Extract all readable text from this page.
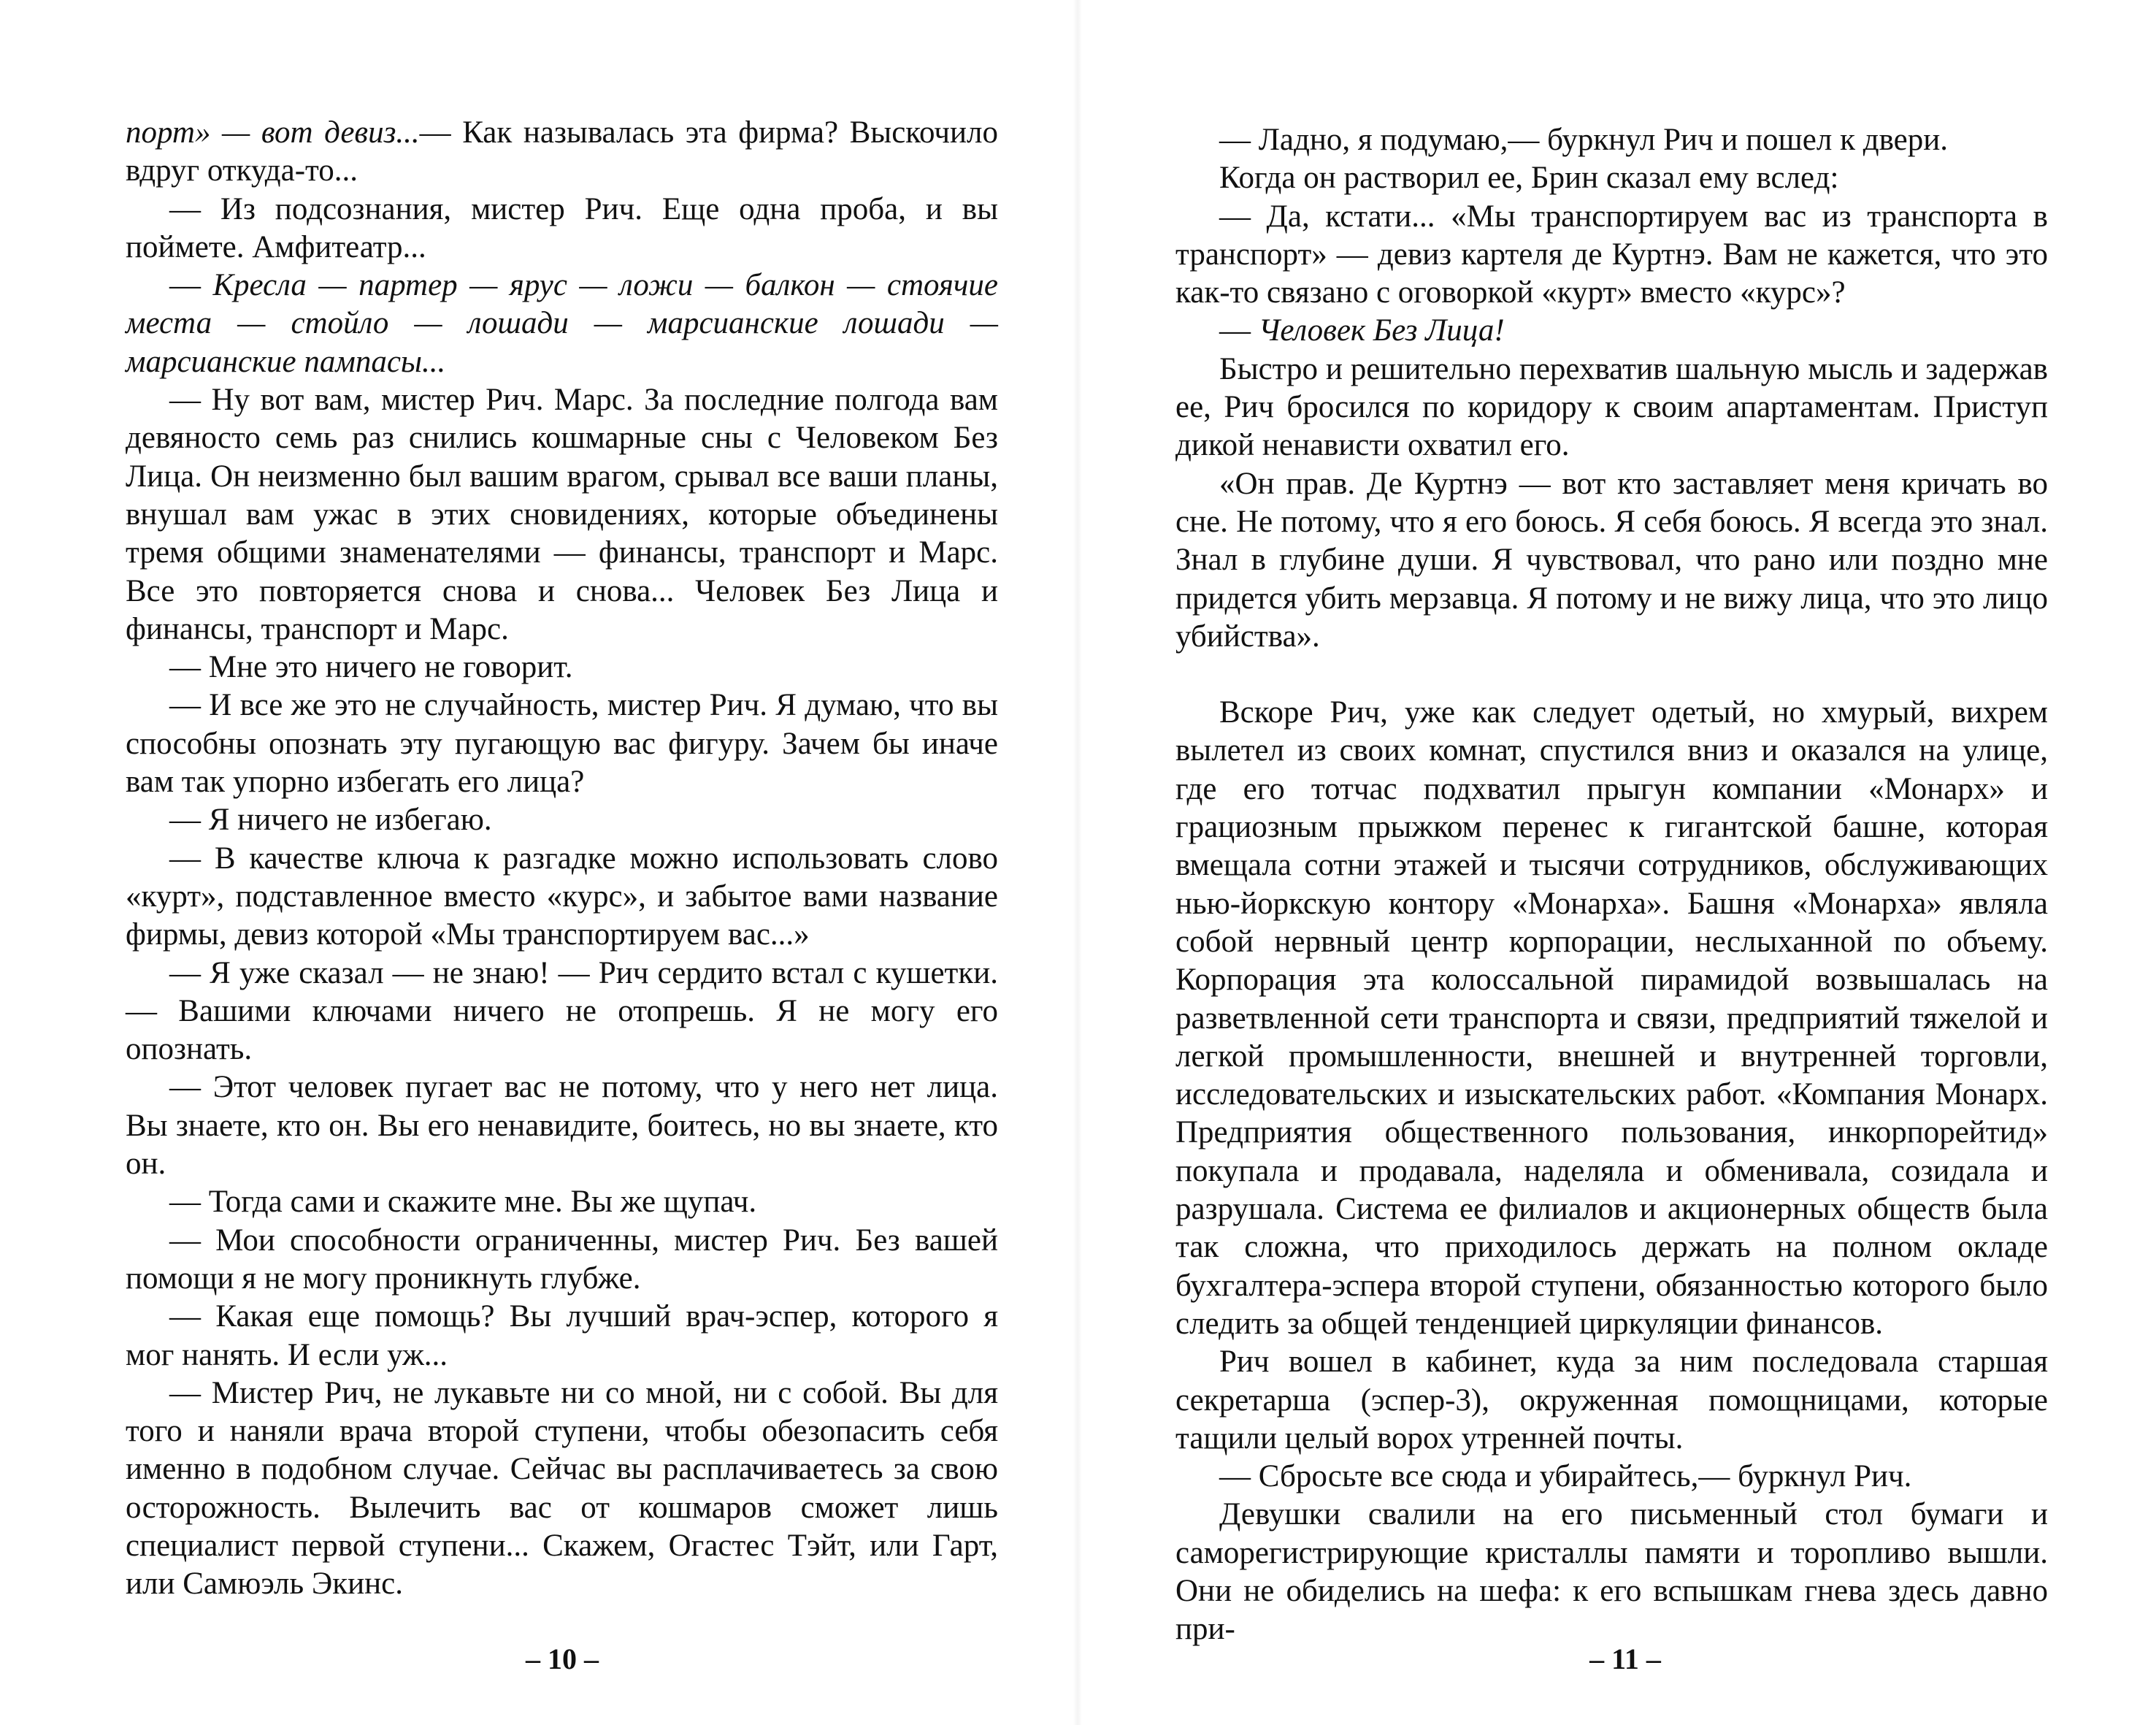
порт» — вот девиз...— Как называлась эта фирма? Выскочило вдруг откуда-то...

— Из подсознания, мистер Рич. Еще одна проба, и вы поймете. Амфитеатр...

— Кресла — партер — ярус — ложи — балкон — стоячие места — стойло — лошади — марсианские лошади — марсианские пампасы...

— Ну вот вам, мистер Рич. Марс. За последние полгода вам девяносто семь раз снились кошмарные сны с Человеком Без Лица. Он неизменно был вашим врагом, срывал все ваши планы, внушал вам ужас в этих сновидениях, которые объединены тремя общими знаменателями — финансы, транспорт и Марс. Все это повторяется снова и снова... Человек Без Лица и финансы, транспорт и Марс.

— Мне это ничего не говорит.

— И все же это не случайность, мистер Рич. Я думаю, что вы способны опознать эту пугающую вас фигуру. Зачем бы иначе вам так упорно избегать его лица?

— Я ничего не избегаю.

— В качестве ключа к разгадке можно использовать слово «курт», подставленное вместо «курс», и забытое вами название фирмы, девиз которой «Мы транспортируем вас...»

— Я уже сказал — не знаю! — Рич сердито встал с кушетки.— Вашими ключами ничего не отопрешь. Я не могу его опознать.

— Этот человек пугает вас не потому, что у него нет лица. Вы знаете, кто он. Вы его ненавидите, боитесь, но вы знаете, кто он.

— Тогда сами и скажите мне. Вы же щупач.

— Мои способности ограниченны, мистер Рич. Без вашей помощи я не могу проникнуть глубже.

— Какая еще помощь? Вы лучший врач-эспер, которого я мог нанять. И если уж...

— Мистер Рич, не лукавьте ни со мной, ни с собой. Вы для того и наняли врача второй ступени, чтобы обезопасить себя именно в подобном случае. Сейчас вы расплачиваетесь за свою осторожность. Вылечить вас от кошмаров сможет лишь специалист первой ступени... Скажем, Огастес Тэйт, или Гарт, или Самюэль Экинс.

– 10 –

— Ладно, я подумаю,— буркнул Рич и пошел к двери.

Когда он растворил ее, Брин сказал ему вслед:

— Да, кстати... «Мы транспортируем вас из транспорта в транспорт» — девиз картеля де Куртнэ. Вам не кажется, что это как-то связано с оговоркой «курт» вместо «курс»?

— Человек Без Лица!

Быстро и решительно перехватив шальную мысль и задержав ее, Рич бросился по коридору к своим апартаментам. Приступ дикой ненависти охватил его.

«Он прав. Де Куртнэ — вот кто заставляет меня кричать во сне. Не потому, что я его боюсь. Я себя боюсь. Я всегда это знал. Знал в глубине души. Я чувствовал, что рано или поздно мне придется убить мерзавца. Я потому и не вижу лица, что это лицо убийства».

Вскоре Рич, уже как следует одетый, но хмурый, вихрем вылетел из своих комнат, спустился вниз и оказался на улице, где его тотчас подхватил прыгун компании «Монарх» и грациозным прыжком перенес к гигантской башне, которая вмещала сотни этажей и тысячи сотрудников, обслуживающих нью-йоркскую контору «Монарха». Башня «Монарха» являла собой нервный центр корпорации, неслыханной по объему. Корпорация эта колоссальной пирамидой возвышалась на разветвленной сети транспорта и связи, предприятий тяжелой и легкой промышленности, внешней и внутренней торговли, исследовательских и изыскательских работ. «Компания Монарх. Предприятия общественного пользования, инкорпорейтид» покупала и продавала, наделяла и обменивала, созидала и разрушала. Система ее филиалов и акционерных обществ была так сложна, что приходилось держать на полном окладе бухгалтера-эспера второй ступени, обязанностью которого было следить за общей тенденцией циркуляции финансов.

Рич вошел в кабинет, куда за ним последовала старшая секретарша (эспер-3), окруженная помощницами, которые тащили целый ворох утренней почты.

— Сбросьте все сюда и убирайтесь,— буркнул Рич.

Девушки свалили на его письменный стол бумаги и саморегистрирующие кристаллы памяти и торопливо вышли. Они не обиделись на шефа: к его вспышкам гнева здесь давно при-

– 11 –
